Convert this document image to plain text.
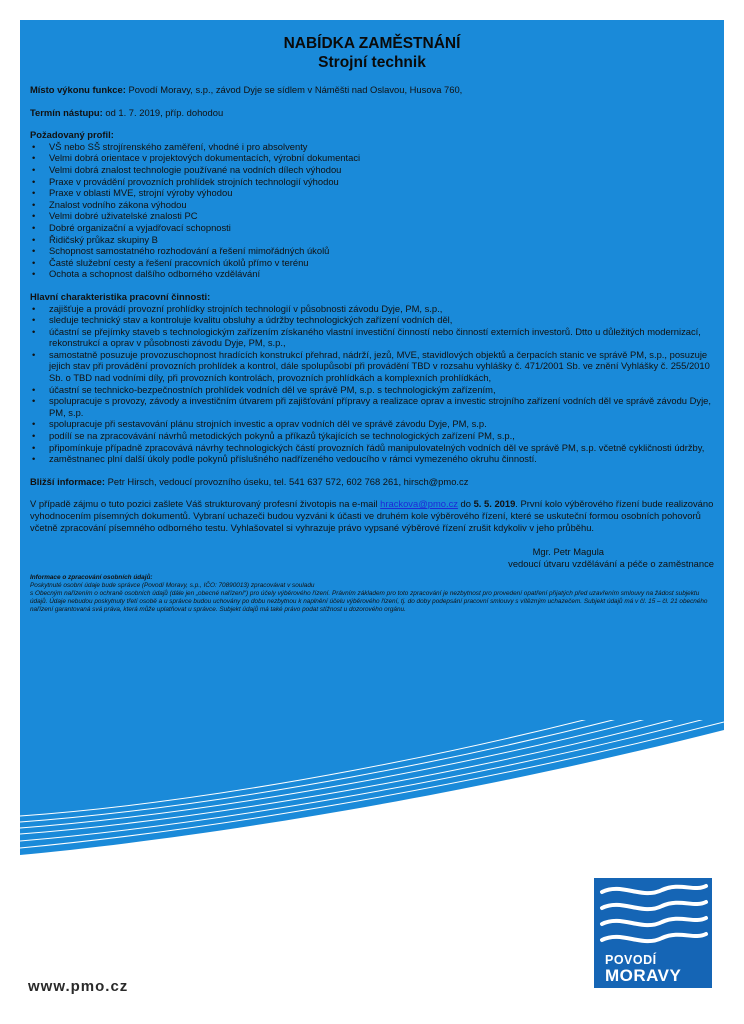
NABÍDKA ZAMĚSTNÁNÍ
Strojní technik

Místo výkonu funkce: Povodí Moravy, s.p., závod Dyje se sídlem v Náměšti nad Oslavou, Husova 760,

Termín nástupu: od 1. 7. 2019, příp. dohodou

Požadovaný profil:

• VŠ nebo SŠ strojírenského zaměření, vhodné i pro absolventy
• Velmi dobrá orientace v projektových dokumentacích, výrobní dokumentaci
• Velmi dobrá znalost technologie používané na vodních dílech výhodou
• Praxe v provádění provozních prohlídek strojních technologií výhodou
• Praxe v oblasti MVE, strojní výroby výhodou
• Znalost vodního zákona výhodou
• Velmi dobré uživatelské znalosti PC
• Dobré organizační a vyjadřovací schopnosti
• Řidičský průkaz skupiny B
• Schopnost samostatného rozhodování a řešení mimořádných úkolů
• Časté služební cesty a řešení pracovních úkolů přímo v terénu
• Ochota a schopnost dalšího odborného vzdělávání

Hlavní charakteristika pracovní činnosti:

• zajišťuje a provádí provozní prohlídky strojních technologií v působnosti závodu Dyje, PM, s.p.,
• sleduje technický stav a kontroluje kvalitu obsluhy a údržby technologických zařízení vodních děl,
• účastní se přejímky staveb s technologickým zařízením získaného vlastní investiční činností nebo činností externích investorů. Dtto u důležitých modernizací, rekonstrukcí a oprav v působnosti závodu Dyje, PM, s.p.,
• samostatně posuzuje provozuschopnost hradících konstrukcí přehrad, nádrží, jezů, MVE, stavidlových objektů a čerpacích stanic ve správě PM, s.p., posuzuje jejich stav při provádění provozních prohlídek a kontrol, dále spolupůsobí při provádění TBD v rozsahu vyhlášky č. 471/2001 Sb. ve znění Vyhlášky č. 255/2010 Sb. o TBD nad vodními díly, při provozních kontrolách, provozních prohlídkách a komplexních prohlídkách,
• účastní se technicko-bezpečnostních prohlídek vodních děl ve správě PM, s.p. s technologickým zařízením,
• spolupracuje s provozy, závody a investičním útvarem při zajišťování přípravy a realizace oprav a investic strojního zařízení vodních děl ve správě závodu Dyje, PM, s.p.
• spolupracuje při sestavování plánu strojních investic a oprav vodních děl ve správě závodu Dyje, PM, s.p.
• podílí se na zpracovávání návrhů metodických pokynů a příkazů týkajících se technologických zařízení PM, s.p.,
• připomínkuje případně zpracovává návrhy technologických částí provozních řádů manipulovatelných vodních děl ve správě PM, s.p. včetně cykličnosti údržby,
• zaměstnanec plní další úkoly podle pokynů příslušného nadřízeného vedoucího v rámci vymezeného okruhu činností.

Bližší informace: Petr Hirsch, vedoucí provozního úseku, tel. 541 637 572, 602 768 261, hirsch@pmo.cz

V případě zájmu o tuto pozici zašlete Váš strukturovaný profesní životopis na e-mail hrackova@pmo.cz do 5. 5. 2019. První kolo výběrového řízení bude realizováno vyhodnocením písemných dokumentů. Vybraní uchazeči budou vyzváni k účasti ve druhém kole výběrového řízení, které se uskuteční formou osobních pohovorů včetně zpracování písemného odborného testu. Vyhlašovatel si vyhrazuje právo vypsané výběrové řízení zrušit kdykoliv v jeho průběhu.

Mgr. Petr Magula
vedoucí útvaru vzdělávání a péče o zaměstnance
Informace o zpracování osobních údajů:
Poskytnuté osobní údaje bude správce (Povodí Moravy, s.p., IČO: 70890013) zpracovávat v souladu
s Obecným nařízením o ochraně osobních údajů (dále jen „obecné nařízení“) pro účely výběrového řízení. Právním základem pro toto zpracování je nezbytnost pro provedení opatření přijatých před uzavřením smlouvy na žádost subjektu údajů. Údaje nebudou poskytnuty třetí osobě a u správce budou uchovány po dobu nezbytnou k naplnění účelu výběrového řízení, tj. do doby podepsání pracovní smlouvy s vítězným uchazečem. Subjekt údajů má v čl. 15 – čl. 21 obecného nařízení garantovaná svá práva, která může uplatňovat u správce. Subjekt údajů má také právo podat stížnost u dozorového orgánu.
www.pmo.cz
POVODÍ
MORAVY
